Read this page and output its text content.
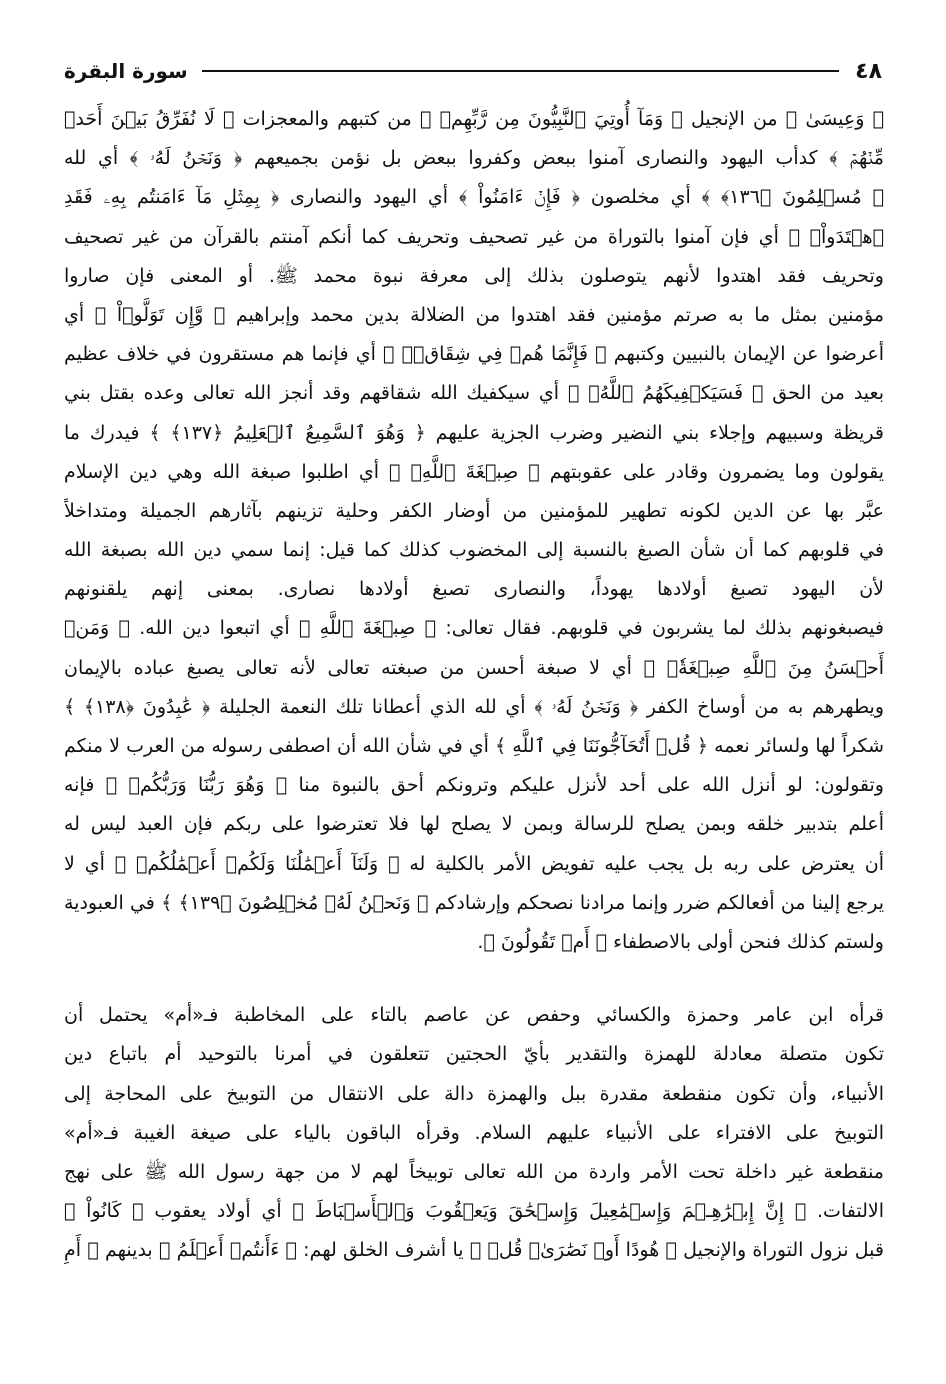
٤٨
سورة البقرة
﴿ وَعِيسَىٰ ﴾ من الإنجيل ﴿ وَمَآ أُوتِيَ ٱلنَّبِيُّونَ مِن رَّبِّهِمۡ ﴾ من كتبهم والمعجزات ﴿ لَا نُفَرِّقُ بَيۡنَ أَحَدٖ
مِّنۡهُمۡ ﴾ كدأب اليهود والنصارى آمنوا ببعض وكفروا ببعض بل نؤمن بجميعهم ﴿ وَنَحۡنُ لَهُۥ ﴾ أي لله
﴿ مُسۡلِمُونَ ﴿١٣٦﴾ ﴾ أي مخلصون ﴿ فَإِنۡ ءَامَنُواْ ﴾ أي اليهود والنصارى ﴿ بِمِثۡلِ مَآ ءَامَنتُم بِهِۦ فَقَدِ
ٱهۡتَدَواْۖ ﴾ أي فإن آمنوا بالتوراة من غير تصحيف وتحريف كما أنكم آمنتم بالقرآن من غير تصحيف
وتحريف فقد اهتدوا لأنهم يتوصلون بذلك إلى معرفة نبوة محمد ﷺ. أو المعنى فإن صاروا
مؤمنين بمثل ما به صرتم مؤمنين فقد اهتدوا من الضلالة بدين محمد وإبراهيم ﴿ وَّإِن تَوَلَّوۡاْ ﴾ أي
أعرضوا عن الإيمان بالنبيين وكتبهم ﴿ فَإِنَّمَا هُمۡ فِي شِقَاقٖۖ ﴾ أي فإنما هم مستقرون في خلاف عظيم
بعيد من الحق ﴿ فَسَيَكۡفِيكَهُمُ ٱللَّهُۚ ﴾ أي سيكفيك الله شقاقهم وقد أنجز الله تعالى وعده بقتل بني
قريظة وسبيهم وإجلاء بني النضير وضرب الجزية عليهم ﴿ وَهُوَ ٱلسَّمِيعُ ٱلۡعَلِيمُ ﴿١٣٧﴾ ﴾ فيدرك ما
يقولون وما يضمرون وقادر على عقوبتهم ﴿ صِبۡغَةَ ٱللَّهِۖ ﴾ أي اطلبوا صبغة الله وهي دين الإسلام
عبَّر بها عن الدين لكونه تطهير للمؤمنين من أوضار الكفر وحلية تزينهم بآثارهم الجميلة ومتداخلاً
في قلوبهم كما أن شأن الصبغ بالنسبة إلى المخضوب كذلك كما قيل: إنما سمي دين الله بصبغة الله
لأن اليهود تصبغ أولادها يهوداً، والنصارى تصبغ أولادها نصارى. بمعنى إنهم يلقنونهم
فيصبغونهم بذلك لما يشربون في قلوبهم. فقال تعالى: ﴿ صِبۡغَةَ ٱللَّهِ ﴾ أي اتبعوا دين الله. ﴿ وَمَنۡ
أَحۡسَنُ مِنَ ٱللَّهِ صِبۡغَةٗۖ ﴾ أي لا صبغة أحسن من صبغته تعالى لأنه تعالى يصبغ عباده بالإيمان
ويطهرهم به من أوساخ الكفر ﴿ وَنَحۡنُ لَهُۥ ﴾ أي لله الذي أعطانا تلك النعمة الجليلة ﴿ عَٰبِدُونَ ﴿١٣٨﴾ ﴾
شكراً لها ولسائر نعمه ﴿ قُلۡ أَتُحَآجُّونَنَا فِي ٱللَّهِ ﴾ أي في شأن الله أن اصطفى رسوله من العرب لا منكم
وتقولون: لو أنزل الله على أحد لأنزل عليكم وترونكم أحق بالنبوة منا ﴿ وَهُوَ رَبُّنَا وَرَبُّكُمۡ ﴾ فإنه
أعلم بتدبير خلقه وبمن يصلح للرسالة وبمن لا يصلح لها فلا تعترضوا على ربكم فإن العبد ليس له
أن يعترض على ربه بل يجب عليه تفويض الأمر بالكلية له ﴿ وَلَنَآ أَعۡمَٰلُنَا وَلَكُمۡ أَعۡمَٰلُكُمۡ ﴾ أي لا
يرجع إلينا من أفعالكم ضرر وإنما مرادنا نصحكم وإرشادكم ﴿ وَنَحۡنُ لَهُۥ مُخۡلِصُونَ ﴿١٣٩﴾ ﴾ في العبودية
ولستم كذلك فنحن أولى بالاصطفاء ﴿ أَمۡ تَقُولُونَ ﴾.
قرأه ابن عامر وحمزة والكسائي وحفص عن عاصم بالتاء على المخاطبة فـ«أم» يحتمل أن
تكون متصلة معادلة للهمزة والتقدير بأيّ الحجتين تتعلقون في أمرنا بالتوحيد أم باتباع دين
الأنبياء، وأن تكون منقطعة مقدرة ببل والهمزة دالة على الانتقال من التوبيخ على المحاجة إلى
التوبيخ على الافتراء على الأنبياء عليهم السلام. وقرأه الباقون بالياء على صيغة الغيبة فـ«أم»
منقطعة غير داخلة تحت الأمر واردة من الله تعالى توبيخاً لهم لا من جهة رسول الله ﷺ على نهج
الالتفات. ﴿ إِنَّ إِبۡرَٰهِـۧمَ وَإِسۡمَٰعِيلَ وَإِسۡحَٰقَ وَيَعۡقُوبَ وَٱلۡأَسۡبَاطَ ﴾ أي أولاد يعقوب ﴿ كَانُواْ ﴾
قبل نزول التوراة والإنجيل ﴿ هُودًا أَوۡ نَصَٰرَىٰۗ قُلۡ ﴾ يا أشرف الخلق لهم: ﴿ ءَأَنتُمۡ أَعۡلَمُ ﴾ بدينهم ﴿ أَمِ
